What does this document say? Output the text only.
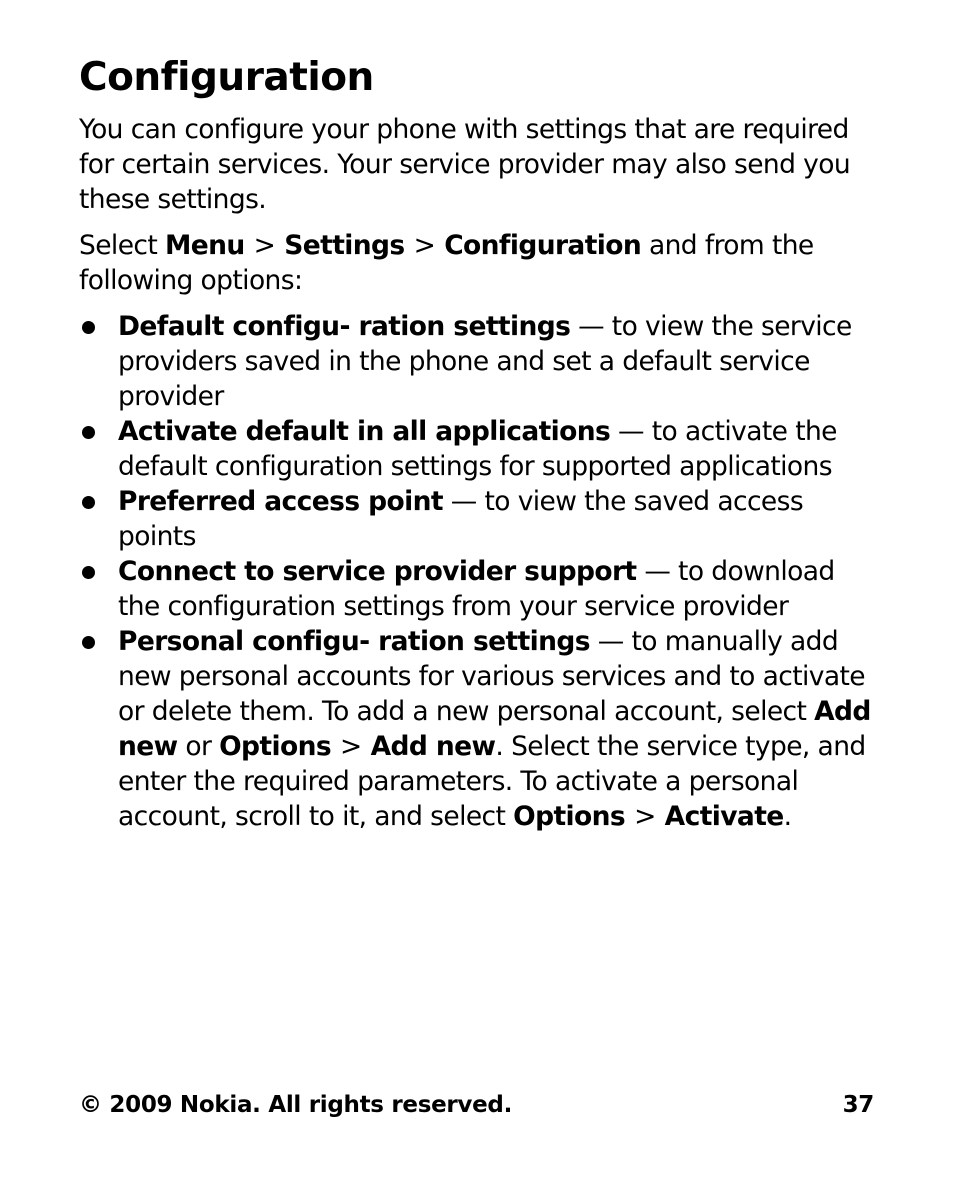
Configuration

You can configure your phone with settings that are required for certain services. Your service provider may also send you these settings.

Select Menu > Settings > Configuration and from the following options:

Default configu- ration settings — to view the service providers saved in the phone and set a default service provider
Activate default in all applications — to activate the default configuration settings for supported applications
Preferred access point — to view the saved access points
Connect to service provider support — to download the configuration settings from your service provider
Personal configu- ration settings — to manually add new personal accounts for various services and to activate or delete them. To add a new personal account, select Add new or Options > Add new. Select the service type, and enter the required parameters. To activate a personal account, scroll to it, and select Options > Activate.
© 2009 Nokia. All rights reserved.	37
